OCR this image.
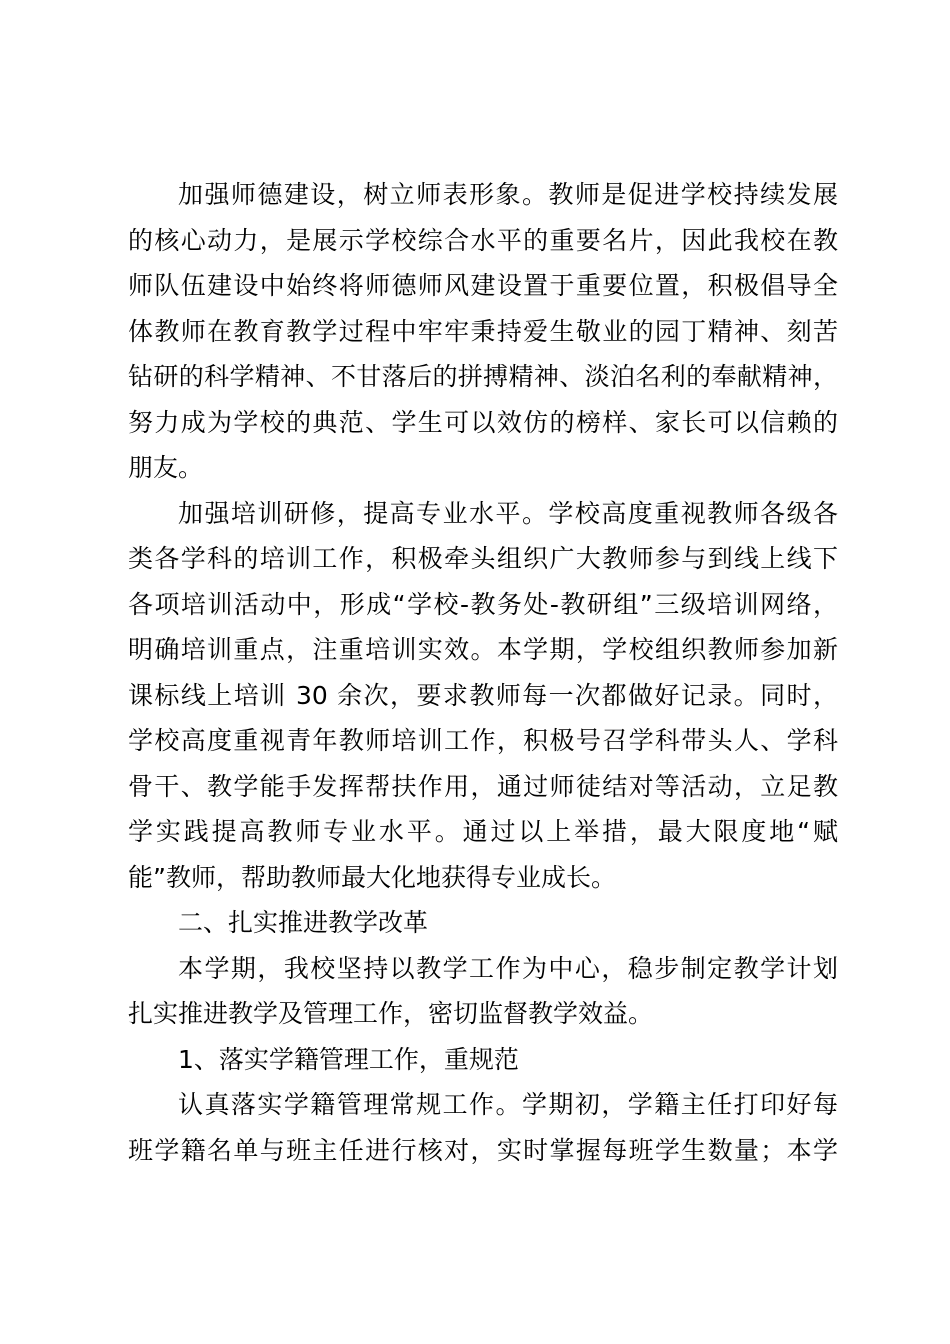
加强师德建设，树立师表形象。教师是促进学校持续发展
的核心动力，是展示学校综合水平的重要名片，因此我校在教
师队伍建设中始终将师德师风建设置于重要位置，积极倡导全
体教师在教育教学过程中牢牢秉持爱生敬业的园丁精神、刻苦
钻研的科学精神、不甘落后的拼搏精神、淡泊名利的奉献精神，
努力成为学校的典范、学生可以效仿的榜样、家长可以信赖的
朋友。
加强培训研修，提高专业水平。学校高度重视教师各级各
类各学科的培训工作，积极牵头组织广大教师参与到线上线下
各项培训活动中，形成“学校-教务处-教研组”三级培训网络，
明确培训重点，注重培训实效。本学期，学校组织教师参加新
课标线上培训 30 余次，要求教师每一次都做好记录。同时，
学校高度重视青年教师培训工作，积极号召学科带头人、学科
骨干、教学能手发挥帮扶作用，通过师徒结对等活动，立足教
学实践提高教师专业水平。通过以上举措，最大限度地“赋
能”教师，帮助教师最大化地获得专业成长。
二、扎实推进教学改革
本学期，我校坚持以教学工作为中心，稳步制定教学计划
扎实推进教学及管理工作，密切监督教学效益。
1、落实学籍管理工作，重规范
认真落实学籍管理常规工作。学期初，学籍主任打印好每
班学籍名单与班主任进行核对，实时掌握每班学生数量；本学
